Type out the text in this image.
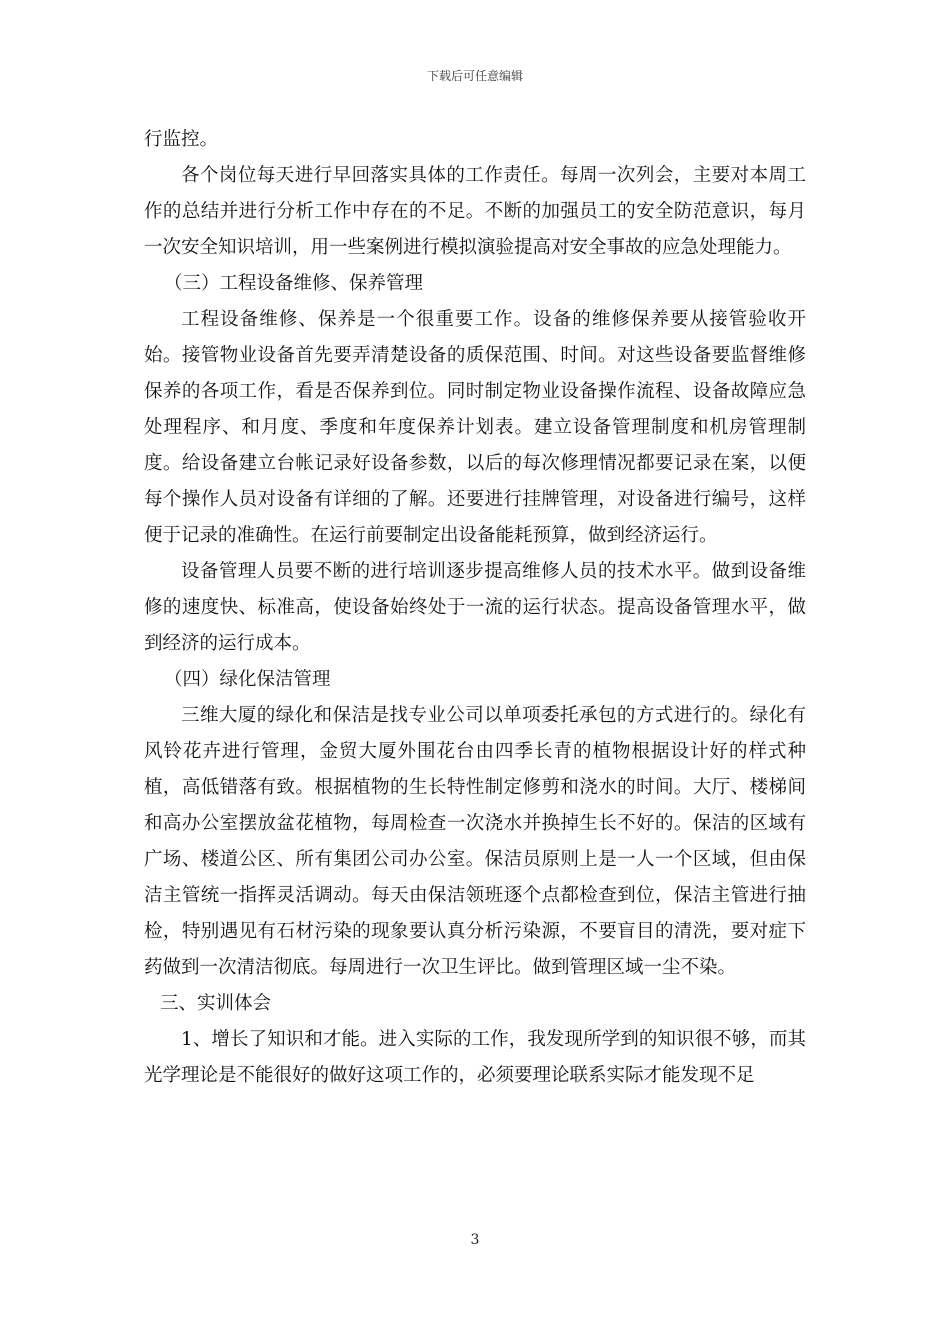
下载后可任意编辑

行监控。

各个岗位每天进行早回落实具体的工作责任。每周一次列会，主要对本周工作的总结并进行分析工作中存在的不足。不断的加强员工的安全防范意识，每月一次安全知识培训，用一些案例进行模拟演验提高对安全事故的应急处理能力。

（三）工程设备维修、保养管理

工程设备维修、保养是一个很重要工作。设备的维修保养要从接管验收开始。接管物业设备首先要弄清楚设备的质保范围、时间。对这些设备要监督维修保养的各项工作，看是否保养到位。同时制定物业设备操作流程、设备故障应急处理程序、和月度、季度和年度保养计划表。建立设备管理制度和机房管理制度。给设备建立台帐记录好设备参数，以后的每次修理情况都要记录在案，以便每个操作人员对设备有详细的了解。还要进行挂牌管理，对设备进行编号，这样便于记录的准确性。在运行前要制定出设备能耗预算，做到经济运行。

设备管理人员要不断的进行培训逐步提高维修人员的技术水平。做到设备维修的速度快、标准高，使设备始终处于一流的运行状态。提高设备管理水平，做到经济的运行成本。

（四）绿化保洁管理

三维大厦的绿化和保洁是找专业公司以单项委托承包的方式进行的。绿化有风铃花卉进行管理，金贸大厦外围花台由四季长青的植物根据设计好的样式种植，高低错落有致。根据植物的生长特性制定修剪和浇水的时间。大厅、楼梯间和高办公室摆放盆花植物，每周检查一次浇水并换掉生长不好的。保洁的区域有广场、楼道公区、所有集团公司办公室。保洁员原则上是一人一个区域，但由保洁主管统一指挥灵活调动。每天由保洁领班逐个点都检查到位，保洁主管进行抽检，特别遇见有石材污染的现象要认真分析污染源，不要盲目的清洗，要对症下药做到一次清洁彻底。每周进行一次卫生评比。做到管理区域一尘不染。

三、实训体会

1、增长了知识和才能。进入实际的工作，我发现所学到的知识很不够，而其光学理论是不能很好的做好这项工作的，必须要理论联系实际才能发现不足

3
